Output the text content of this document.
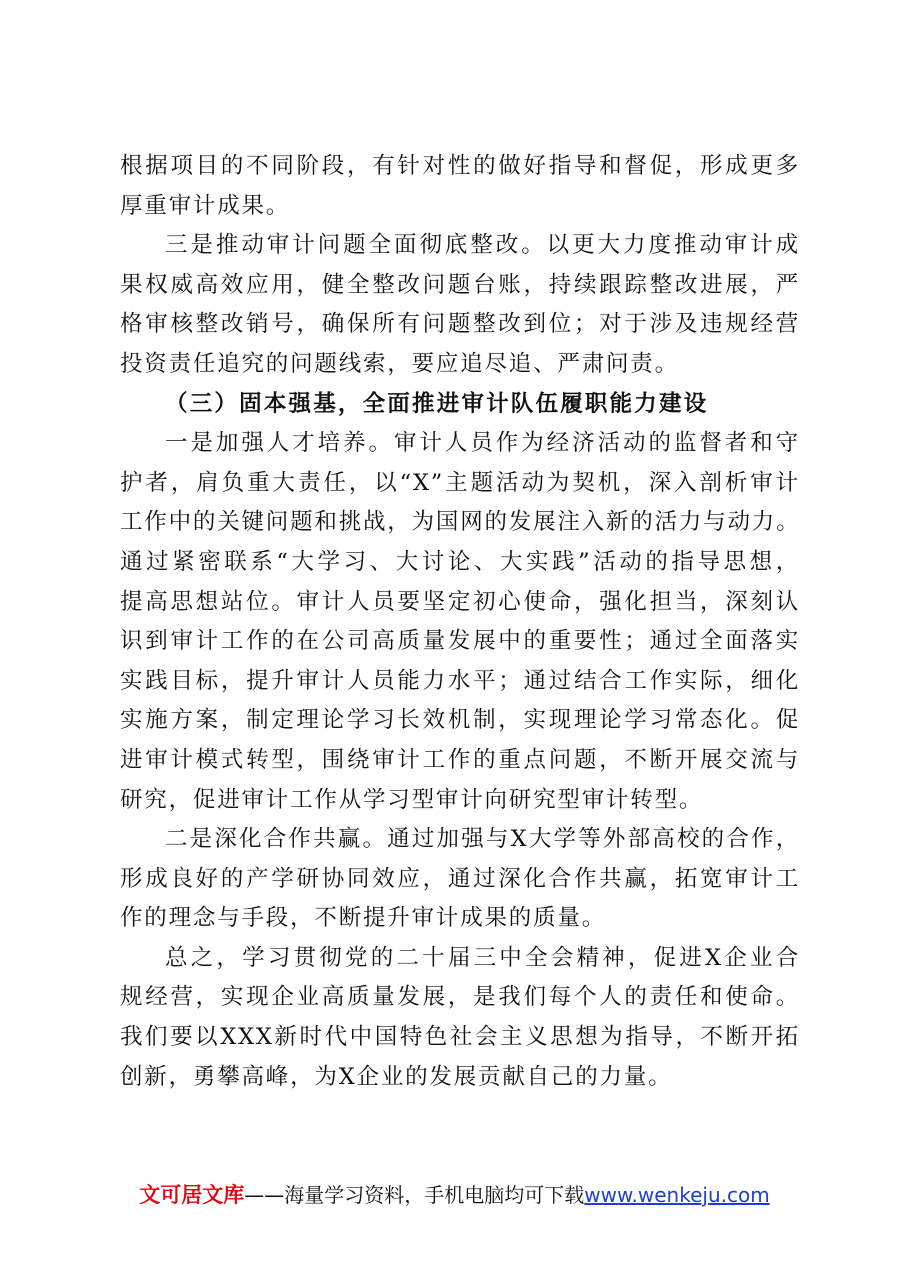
根据项目的不同阶段，有针对性的做好指导和督促，形成更多
厚重审计成果。
三是推动审计问题全面彻底整改。以更大力度推动审计成
果权威高效应用，健全整改问题台账，持续跟踪整改进展，严
格审核整改销号，确保所有问题整改到位；对于涉及违规经营
投资责任追究的问题线索，要应追尽追、严肃问责。
（三）固本强基，全面推进审计队伍履职能力建设
一是加强人才培养。审计人员作为经济活动的监督者和守
护者，肩负重大责任，以“X”主题活动为契机，深入剖析审计
工作中的关键问题和挑战，为国网的发展注入新的活力与动力。
通过紧密联系“大学习、大讨论、大实践”活动的指导思想，
提高思想站位。审计人员要坚定初心使命，强化担当，深刻认
识到审计工作的在公司高质量发展中的重要性；通过全面落实
实践目标，提升审计人员能力水平；通过结合工作实际，细化
实施方案，制定理论学习长效机制，实现理论学习常态化。促
进审计模式转型，围绕审计工作的重点问题，不断开展交流与
研究，促进审计工作从学习型审计向研究型审计转型。
二是深化合作共赢。通过加强与X大学等外部高校的合作，
形成良好的产学研协同效应，通过深化合作共赢，拓宽审计工
作的理念与手段，不断提升审计成果的质量。
总之，学习贯彻党的二十届三中全会精神，促进X企业合
规经营，实现企业高质量发展，是我们每个人的责任和使命。
我们要以XXX新时代中国特色社会主义思想为指导，不断开拓
创新，勇攀高峰，为X企业的发展贡献自己的力量。
文可居文库——海量学习资料，手机电脑均可下载www.wenkeju.com
